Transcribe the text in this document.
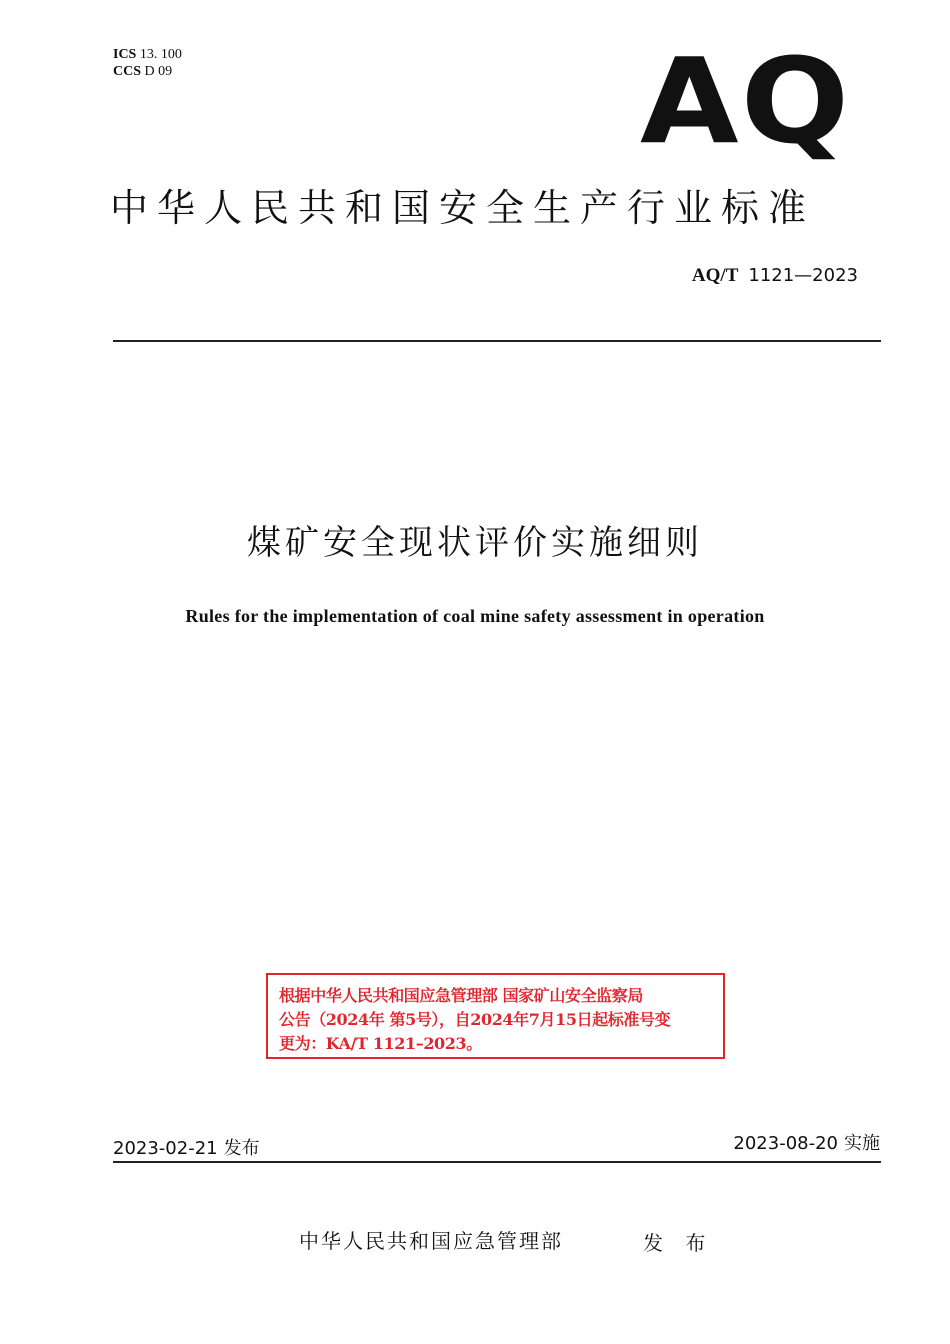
ICS 13. 100
CCS D 09	AQ
中华人民共和国安全生产行业标准
AQ/T 1121—2023
煤矿安全现状评价实施细则
Rules for the implementation of coal mine safety assessment in operation
根据中华人民共和国应急管理部 国家矿山安全监察局
公告（2024年 第5号），自2024年7月15日起标准号变
更为：KA/T 1121–2023。
2023-02-21 发布	2023-08-20 实施
中华人民共和国应急管理部	发 布
